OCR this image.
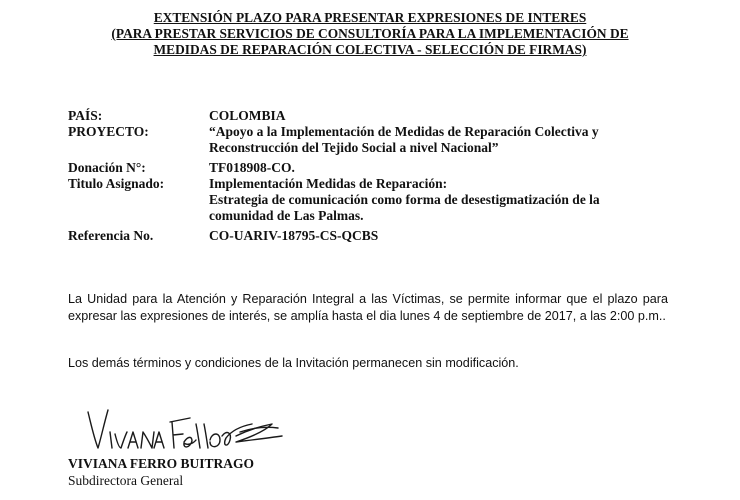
EXTENSIÓN PLAZO PARA PRESENTAR EXPRESIONES DE INTERES
(PARA PRESTAR SERVICIOS DE CONSULTORÍA PARA LA IMPLEMENTACIÓN DE
MEDIDAS DE REPARACIÓN COLECTIVA - SELECCIÓN DE FIRMAS)
PAÍS:	COLOMBIA
PROYECTO:	“Apoyo a la Implementación de Medidas de Reparación Colectiva y
Reconstrucción del Tejido Social a nivel Nacional”
Donación N°:	TF018908-CO.
Titulo Asignado:	Implementación Medidas de Reparación:
Estrategia de comunicación como forma de desestigmatización de la
comunidad de Las Palmas.
Referencia No.	CO-UARIV-18795-CS-QCBS
La Unidad para la Atención y Reparación Integral a las Víctimas, se permite informar que el plazo para expresar las expresiones de interés, se amplía hasta el dia lunes 4 de septiembre de 2017, a las 2:00 p.m..
Los demás términos y condiciones de la Invitación permanecen sin modificación.
VIVIANA FERRO BUITRAGO
Subdirectora General
